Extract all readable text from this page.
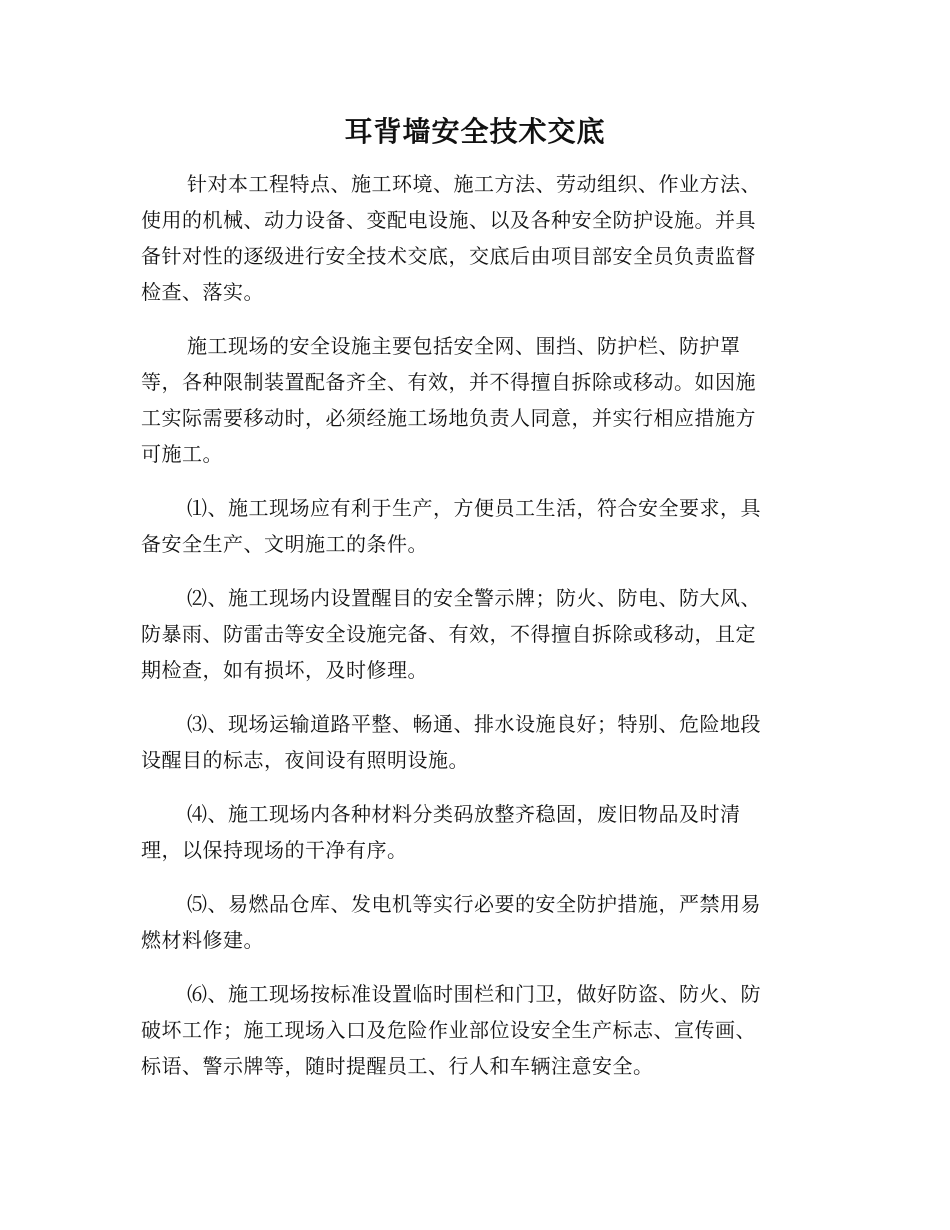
耳背墙安全技术交底

针对本工程特点、施工环境、施工方法、劳动组织、作业方法、
使用的机械、动力设备、变配电设施、以及各种安全防护设施。并具
备针对性的逐级进行安全技术交底，交底后由项目部安全员负责监督
检查、落实。

施工现场的安全设施主要包括安全网、围挡、防护栏、防护罩
等，各种限制装置配备齐全、有效，并不得擅自拆除或移动。如因施
工实际需要移动时，必须经施工场地负责人同意，并实行相应措施方
可施工。

⑴、施工现场应有利于生产，方便员工生活，符合安全要求，具
备安全生产、文明施工的条件。

⑵、施工现场内设置醒目的安全警示牌；防火、防电、防大风、
防暴雨、防雷击等安全设施完备、有效，不得擅自拆除或移动，且定
期检查，如有损坏，及时修理。

⑶、现场运输道路平整、畅通、排水设施良好；特别、危险地段
设醒目的标志，夜间设有照明设施。

⑷、施工现场内各种材料分类码放整齐稳固，废旧物品及时清
理，以保持现场的干净有序。

⑸、易燃品仓库、发电机等实行必要的安全防护措施，严禁用易
燃材料修建。

⑹、施工现场按标准设置临时围栏和门卫，做好防盗、防火、防
破坏工作；施工现场入口及危险作业部位设安全生产标志、宣传画、
标语、警示牌等，随时提醒员工、行人和车辆注意安全。
